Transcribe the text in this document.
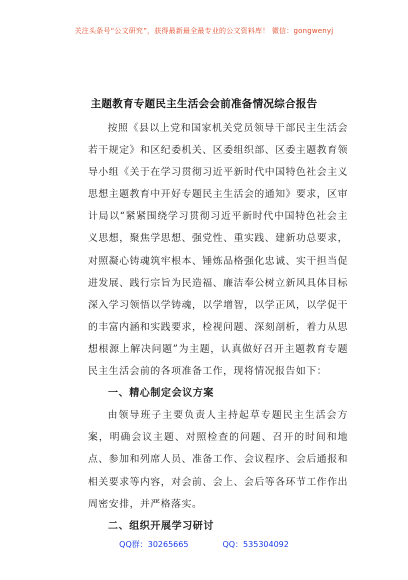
关注头条号“公文研究”，获得最新最全最专业的公文资料库！ 微信：gongwenyj
主题教育专题民主生活会会前准备情况综合报告

按照《县以上党和国家机关党员领导干部民主生活会若干规定》和区纪委机关、区委组织部、区委主题教育领导小组《关于在学习贯彻习近平新时代中国特色社会主义思想主题教育中开好专题民主生活会的通知》要求，区审计局以“紧紧围绕学习贯彻习近平新时代中国特色社会主义思想，聚焦学思想、强党性、重实践、建新功总要求，对照凝心铸魂筑牢根本、锤炼品格强化忠诚、实干担当促进发展、践行宗旨为民造福、廉洁奉公树立新风具体目标深入学习领悟以学铸魂，以学增智，以学正风，以学促干的丰富内涵和实践要求，检视问题、深刻剖析，着力从思想根源上解决问题”为主题，认真做好召开主题教育专题民主生活会前的各项准备工作，现将情况报告如下：

一、精心制定会议方案

由领导班子主要负责人主持起草专题民主生活会方案，明确会议主题、对照检查的问题、召开的时间和地点、参加和列席人员、准备工作、会议程序、会后通报和相关要求等内容，对会前、会上、会后等各环节工作作出周密安排，并严格落实。

二、组织开展学习研讨

QQ群：30265665	QQ：535304092
